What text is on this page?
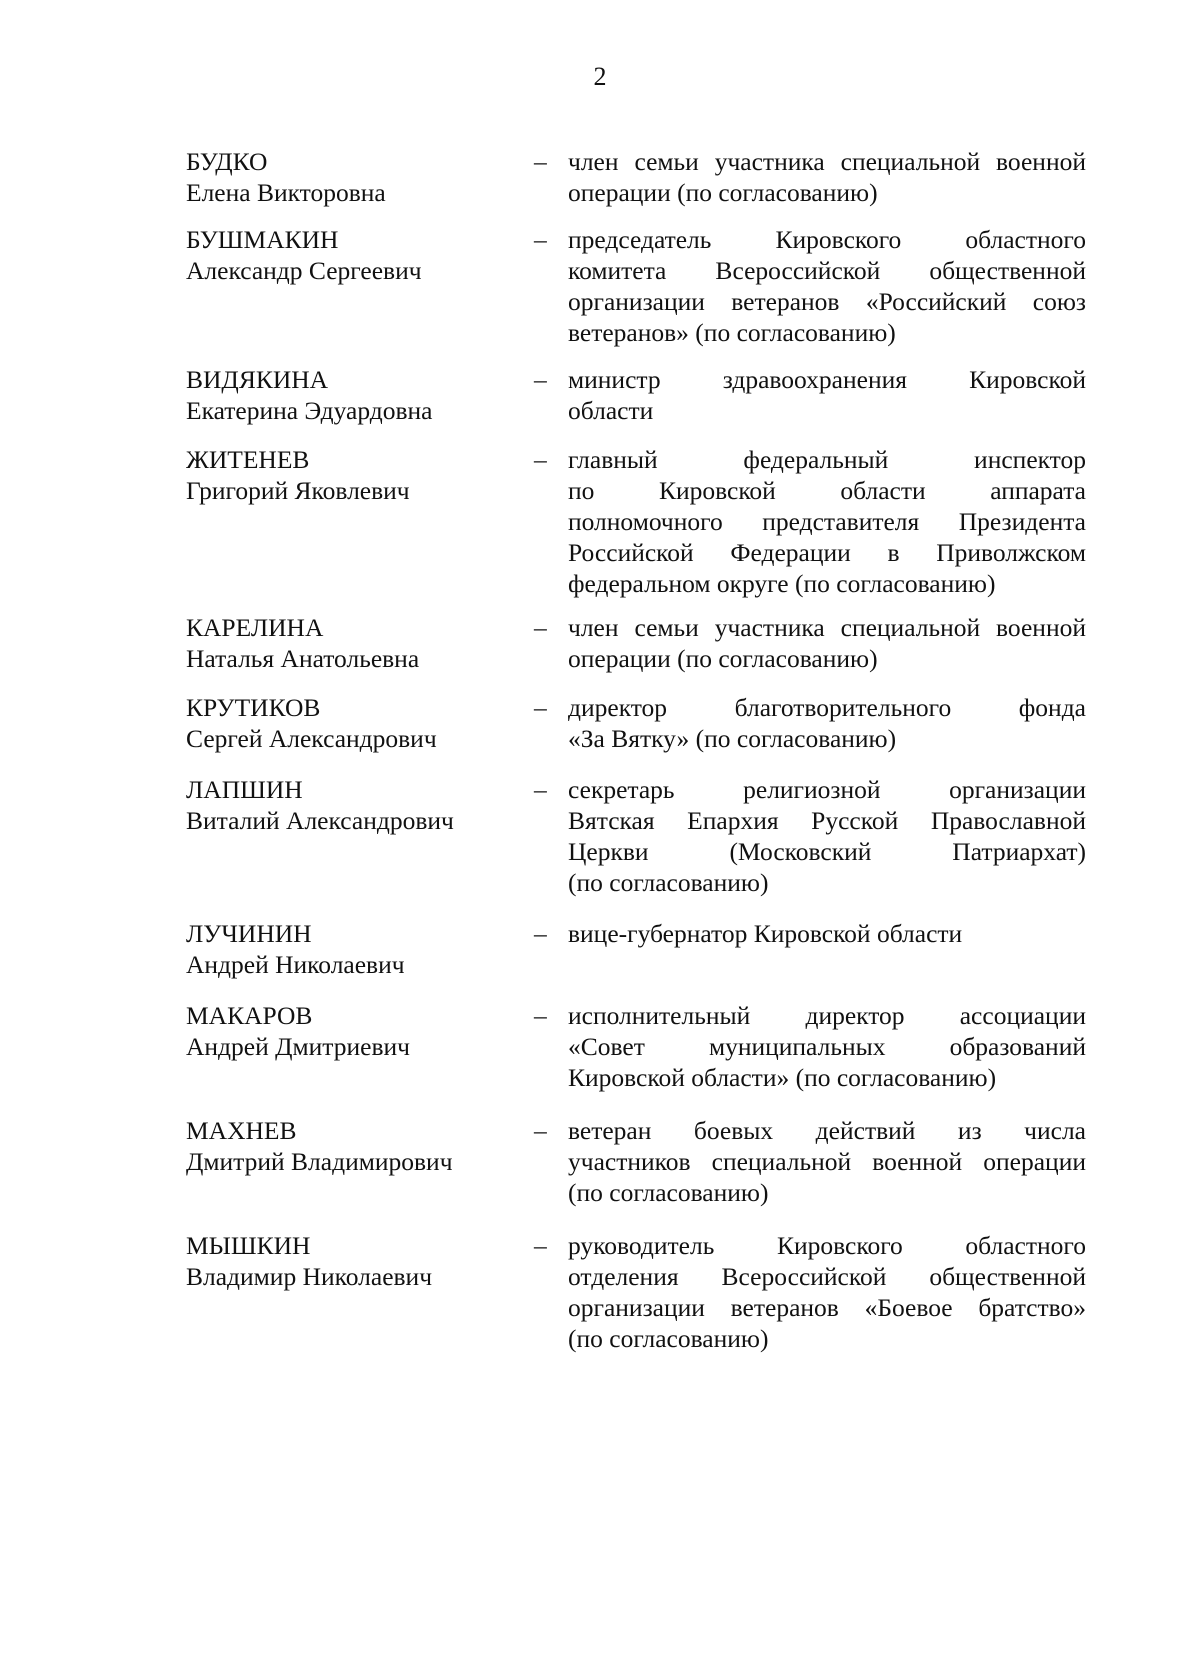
2
БУДКО
Елена Викторовна
– член семьи участника специальной военной
операции (по согласованию)
БУШМАКИН
Александр Сергеевич
– председатель Кировского областного
комитета Всероссийской общественной
организации ветеранов «Российский союз
ветеранов» (по согласованию)
ВИДЯКИНА
Екатерина Эдуардовна
– министр здравоохранения Кировской
области
ЖИТЕНЕВ
Григорий Яковлевич
– главный федеральный инспектор
по Кировской области аппарата
полномочного представителя Президента
Российской Федерации в Приволжском
федеральном округе (по согласованию)
КАРЕЛИНА
Наталья Анатольевна
– член семьи участника специальной военной
операции (по согласованию)
КРУТИКОВ
Сергей Александрович
– директор благотворительного фонда
«За Вятку» (по согласованию)
ЛАПШИН
Виталий Александрович
– секретарь религиозной организации
Вятская Епархия Русской Православной
Церкви (Московский Патриархат)
(по согласованию)
ЛУЧИНИН
Андрей Николаевич
– вице-губернатор Кировской области
МАКАРОВ
Андрей Дмитриевич
– исполнительный директор ассоциации
«Совет муниципальных образований
Кировской области» (по согласованию)
МАХНЕВ
Дмитрий Владимирович
– ветеран боевых действий из числа
участников специальной военной операции
(по согласованию)
МЫШКИН
Владимир Николаевич
– руководитель Кировского областного
отделения Всероссийской общественной
организации ветеранов «Боевое братство»
(по согласованию)
